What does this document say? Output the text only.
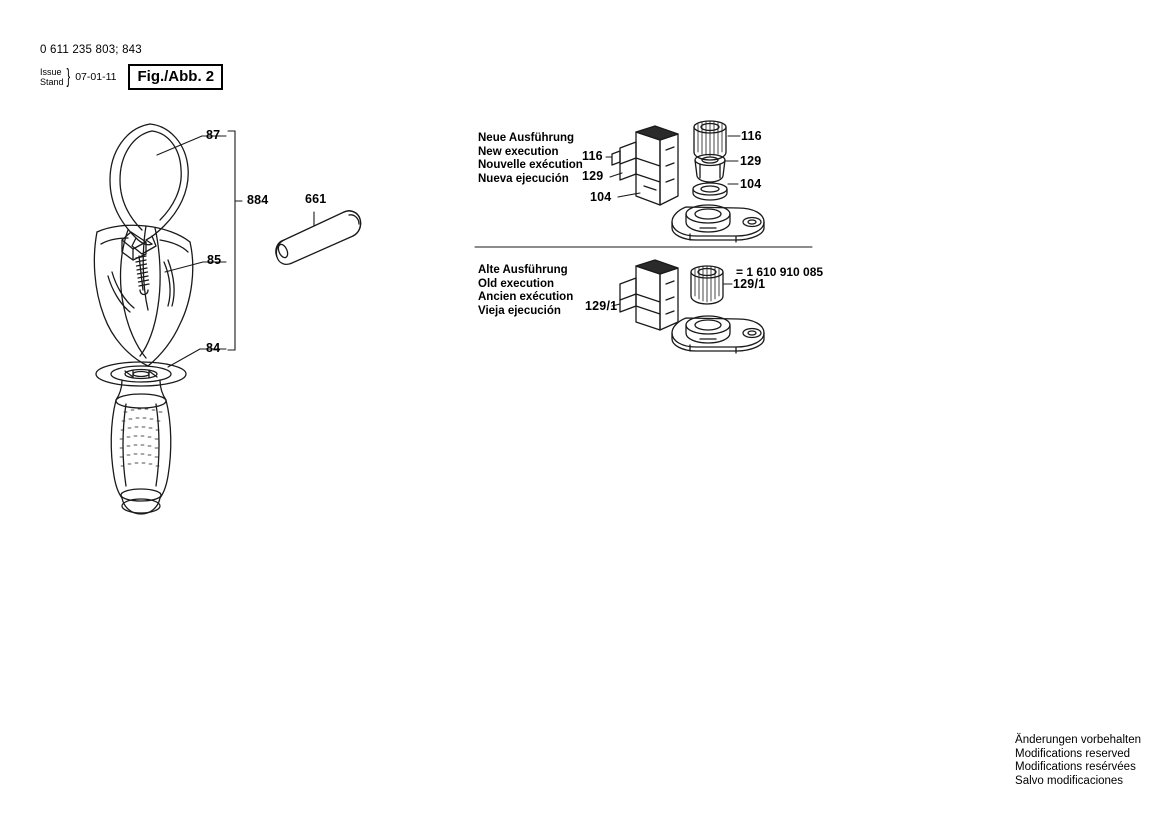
0 611 235 803; 843
Issue
Stand } 07-01-11	Fig./Abb. 2
87
884	661
85
84
Neue Ausführung
New execution
Nouvelle exécution
Nueva ejecución
116
129
104
116
129
104
Alte Ausführung
Old execution
Ancien exécution
Vieja ejecución	129/1
129/1
= 1 610 910 085
Änderungen vorbehalten
Modifications reserved
Modifications resérvées
Salvo modificaciones
